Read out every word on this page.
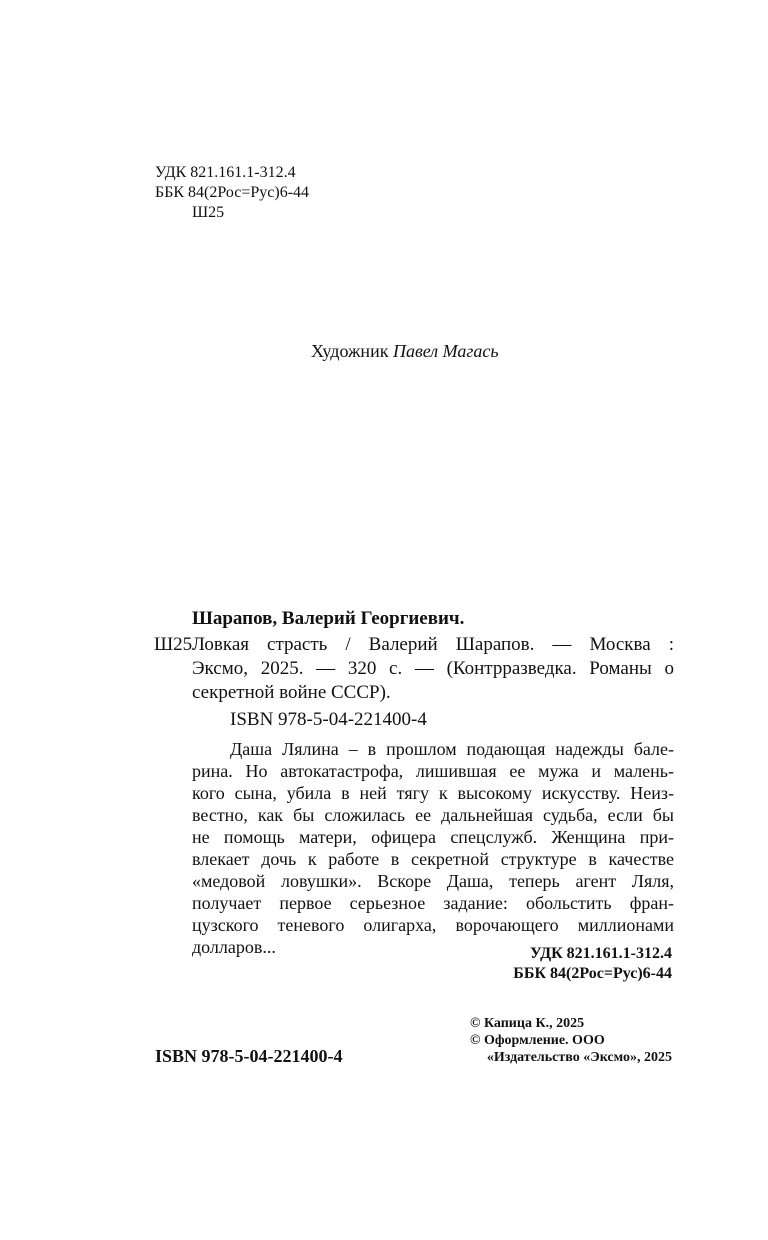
УДК 821.161.1-312.4
ББК 84(2Рос=Рус)6-44
Ш25
Художник Павел Магась
Шарапов, Валерий Георгиевич.
Ш25 Ловкая страсть / Валерий Шарапов. — Москва :
Эксмо, 2025. — 320 с. — (Контрразведка. Романы о
секретной войне СССР).
ISBN 978-5-04-221400-4
Даша Лялина – в прошлом подающая надежды бале-
рина. Но автокатастрофа, лишившая ее мужа и малень-
кого сына, убила в ней тягу к высокому искусству. Неиз-
вестно, как бы сложилась ее дальнейшая судьба, если бы
не помощь матери, офицера спецслужб. Женщина при-
влекает дочь к работе в секретной структуре в качестве
«медовой ловушки». Вскоре Даша, теперь агент Ляля,
получает первое серьезное задание: обольстить фран-
цузского теневого олигарха, ворочающего миллионами
долларов...	УДК 821.161.1-312.4
ББК 84(2Рос=Рус)6-44
ISBN 978-5-04-221400-4
© Капица К., 2025
© Оформление. ООО
«Издательство «Эксмо», 2025
